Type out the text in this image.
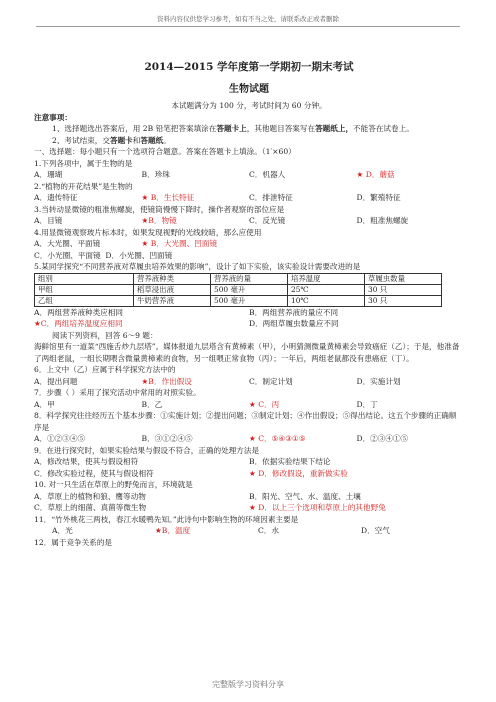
资料内容仅供您学习参考，如有不当之处，请联系改正或者删除
2014—2015 学年度第一学期初一期末考试
生物试题

本试题满分为 100 分，考试时间为 60 分钟。

注意事项：

1、选择题选出答案后，用 2B 铅笔把答案填涂在答题卡上，其他题目答案写在答题纸上，不能答在试卷上。

2、考试结束，交答题卡和答题纸。

一、选择题：每小题只有一个选项符合题意。答案在答题卡上填涂。（1′×60）

1.下列各项中，属于生物的是

A．珊瑚	B．珍珠	C．机器人	★ D．蘑菇

2.“植物的开花结果”是生物的

A．遗传特征	★ B．生长特征	C．排泄特征	D．繁殖特征

3.当转动显微镜的粗准焦螺旋，使镜筒慢慢下降时，操作者观察的部位应是

A．目镜	★B．物镜	C．反光镜	D．粗准焦螺旋

4.用显微镜观察玻片标本时，如果发现视野的光线较暗，那么应使用

A．大光圈、平面镜	★ B．大光圈、凹面镜
C．小光圈、平面镜
D．小光圈、凹面镜

5.某同学探究“不同营养液对草履虫培养效果的影响”，设计了如下实验，该实验设计需要改进的是

组别	营养液种类	营养液的量	培养温度	草履虫数量
甲组	稻草浸出液	500 毫升	25℃	30 只
乙组	牛奶营养液	500 毫升	10℃	30 只
A．两组营养液种类应相同	B．两组营养液的量应不同
★C．两组培养温度应相同	D．两组草履虫数量应不同

阅读下列资料，回答 6～9 题：

海鲜馆里有一道菜“西施舌炒九层塔”。媒体报道九层塔含有黄樟素（甲），小明猜测微量黄樟素会导致癌症（乙）；于是，他准备了两组老鼠，一组长期喂含微量黄樟素的食物，另一组喂正常食物（丙）；一年后，两组老鼠都没有患癌症（丁）。

6．上文中（乙）应属于科学探究方法中的

A．提出问题	★B．作出假设	C．制定计划	D．实施计划

7．步骤（ ）采用了探究活动中常用的对照实验。

A．甲	B．乙	★ C．丙	D．丁

8．科学探究往往经历五个基本步骤：①实施计划；②提出问题；③制定计划；④作出假设；⑤得出结论。这五个步骤的正确顺序是

A．①②③④⑤	B．③①②④⑤	★ C．⑤④③①⑤	D．②③④①⑤

9．在进行探究时，如果实验结果与假设不符合，正确的处理方法是

A．修改结果，使其与假设相符	B．依据实验结果下结论
C．修改实验过程，使其与假设相符	★ D．修改假设，重新做实验

10. 对一只生活在草原上的野兔而言，环境就是

A．草原上的植物和狼、鹰等动物	B．阳光、空气、水、温度、土壤
C．草原上的细菌、真菌等微生物	★ D．以上三个选项和草原上的其他野兔

11．“竹外桃花三两枝，春江水暖鸭先知。”此诗句中影响生物的环境因素主要是

A．光	★B．温度	C．水	D．空气

12．属于竞争关系的是

完整版学习资料分享
